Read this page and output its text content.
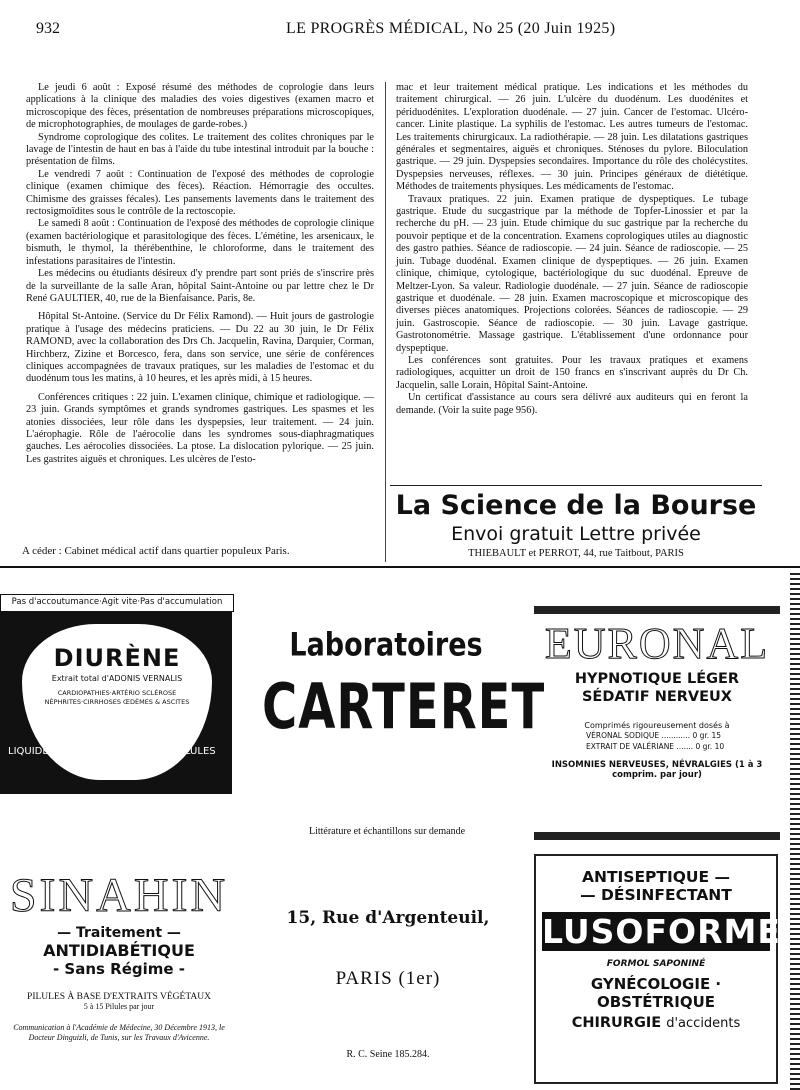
932	LE PROGRÈS MÉDICAL, No 25 (20 Juin 1925)

Le jeudi 6 août : Exposé résumé des méthodes de coprologie dans leurs applications à la clinique des maladies des voies digestives (examen macro et microscopique des fèces, présentation de nombreuses préparations microscopiques, de microphotographies, de moulages de garde-robes.)

Syndrome coprologique des colites. Le traitement des colites chroniques par le lavage de l'intestin de haut en bas à l'aide du tube intestinal introduit par la bouche : présentation de films.

Le vendredi 7 août : Continuation de l'exposé des méthodes de coprologie clinique (examen chimique des fèces). Réaction. Hémorragie des occultes. Chimisme des graisses fécales). Les pansements lavements dans le traitement des rectosigmoïdites sous le contrôle de la rectoscopie.

Le samedi 8 août : Continuation de l'exposé des méthodes de coprologie clinique (examen bactériologique et parasitologique des fèces. L'émétine, les arsenicaux, le bismuth, le thymol, la thérébenthine, le chloroforme, dans le traitement des infestations parasitaires de l'intestin.

Les médecins ou étudiants désireux d'y prendre part sont priés de s'inscrire près de la surveillante de la salle Aran, hôpital Saint-Antoine ou par lettre chez le Dr René GAULTIER, 40, rue de la Bienfaisance. Paris, 8e.

Hôpital St-Antoine. (Service du Dr Félix Ramond). — Huit jours de gastrologie pratique à l'usage des médecins praticiens. — Du 22 au 30 juin, le Dr Félix RAMOND, avec la collaboration des Drs Ch. Jacquelin, Ravina, Darquier, Corman, Hirchberz, Zizine et Borcesco, fera, dans son service, une série de conférences cliniques accompagnées de travaux pratiques, sur les maladies de l'estomac et du duodénum tous les matins, à 10 heures, et les après midi, à 15 heures.

Conférences critiques : 22 juin. L'examen clinique, chimique et radiologique. — 23 juin. Grands symptômes et grands syndromes gastriques. Les spasmes et les atonies dissociées, leur rôle dans les dyspepsies, leur traitement. — 24 juin. L'aérophagie. Rôle de l'aérocolie dans les syndromes sous-diaphragmatiques gauches. Les aérocolies dissociées. La ptose. La dislocation pylorique. — 25 juin. Les gastrites aiguës et chroniques. Les ulcères de l'esto-

mac et leur traitement médical pratique. Les indications et les méthodes du traitement chirurgical. — 26 juin. L'ulcère du duodénum. Les duodénites et périduodénites. L'exploration duodénale. — 27 juin. Cancer de l'estomac. Ulcéro-cancer. Linite plastique. La syphilis de l'estomac. Les autres tumeurs de l'estomac. Les traitements chirurgicaux. La radiothérapie. — 28 juin. Les dilatations gastriques générales et segmentaires, aiguës et chroniques. Sténoses du pylore. Biloculation gastrique. — 29 juin. Dyspepsies secondaires. Importance du rôle des cholécystites. Dyspepsies nerveuses, réflexes. — 30 juin. Principes généraux de diététique. Méthodes de traitements physiques. Les médicaments de l'estomac.

Travaux pratiques. 22 juin. Examen pratique de dyspeptiques. Le tubage gastrique. Etude du sucgastrique par la méthode de Topfer-Linossier et par la recherche du pH. — 23 juin. Etude chimique du suc gastrique par la recherche du pouvoir peptique et de la concentration. Examens coprologiques utiles au diagnostic des gastro pathies. Séance de radioscopie. — 24 juin. Séance de radioscopie. — 25 juin. Tubage duodénal. Examen clinique de dyspeptiques. — 26 juin. Examen clinique, chimique, cytologique, bactériologique du suc duodénal. Epreuve de Meltzer-Lyon. Sa valeur. Radiologie duodénale. — 27 juin. Séance de radioscopie gastrique et duodénale. — 28 juin. Examen macroscopique et microscopique des diverses pièces anatomiques. Projections colorées. Séances de radioscopie. — 29 juin. Gastroscopie. Séance de radioscopie. — 30 juin. Lavage gastrique. Gastrotonométrie. Massage gastrique. L'établissement d'une ordonnance pour dyspeptique.

Les conférences sont gratuites. Pour les travaux pratiques et examens radiologiques, acquitter un droit de 150 francs en s'inscrivant auprès du Dr Ch. Jacquelin, salle Lorain, Hôpital Saint-Antoine.

Un certificat d'assistance au cours sera délivré aux auditeurs qui en feront la demande. (Voir la suite page 956).

La Science de la Bourse
Envoi gratuit Lettre privée
THIEBAULT et PERROT, 44, rue Taitbout, PARIS
A céder : Cabinet médical actif dans quartier populeux Paris.
Pas d'accoutumance·Agit vite·Pas d'accumulation
DIURÈNE
Extrait total d'ADONIS VERNALIS
CARDIOPATHIES·ARTÉRIO SCLÉROSE NÉPHRITES·CIRRHOSES ŒDÈMES & ASCITES
LIQUIDE	PILULES
Laboratoires
CARTERET
EURONAL
HYPNOTIQUE LÉGER
SÉDATIF NERVEUX
Comprimés rigoureusement dosés à
VÉRONAL SODIQUE ............ 0 gr. 15
EXTRAIT DE VALÉRIANE ....... 0 gr. 10
INSOMNIES NERVEUSES, NÉVRALGIES (1 à 3 comprim. par jour)
Littérature et échantillons sur demande
SINAHIN
— Traitement —
ANTIDIABÉTIQUE
- Sans Régime -
PILULES À BASE D'EXTRAITS VÉGÉTAUX
5 à 15 Pilules par jour
Communication à l'Académie de Médecine, 30 Décembre 1913, le Docteur Dinguizli, de Tunis, sur les Travaux d'Avicenne.
15, Rue d'Argenteuil,
PARIS (1er)
R. C. Seine 185.284.
ANTISEPTIQUE —
— DÉSINFECTANT
LUSOFORME
FORMOL SAPONINÉ
GYNÉCOLOGIE · OBSTÉTRIQUE
CHIRURGIE d'accidents
